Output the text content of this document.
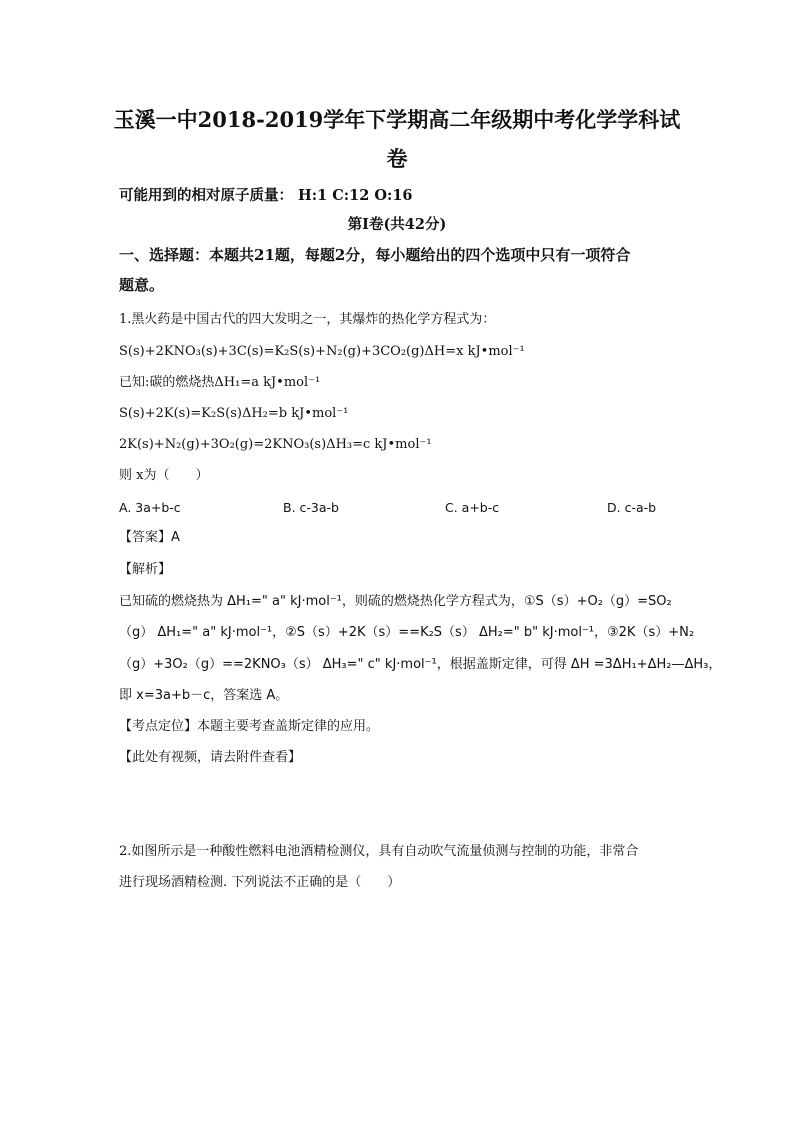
玉溪一中2018-2019学年下学期高二年级期中考化学学科试
卷
可能用到的相对原子质量： H:1 C:12 O:16
第Ⅰ卷(共42分)
一、选择题：本题共21题，每题2分，每小题给出的四个选项中只有一项符合
题意。
1.黑火药是中国古代的四大发明之一，其爆炸的热化学方程式为：
S(s)+2KNO₃(s)+3C(s)=K₂S(s)+N₂(g)+3CO₂(g)ΔH=x kJ•mol⁻¹
已知:碳的燃烧热ΔH₁=a kJ•mol⁻¹
S(s)+2K(s)=K₂S(s)ΔH₂=b kJ•mol⁻¹
2K(s)+N₂(g)+3O₂(g)=2KNO₃(s)ΔH₃=c kJ•mol⁻¹
则 x为（　　）
A. 3a+b-c	B. c-3a-b	C. a+b-c	D. c-a-b
【答案】A
【解析】
已知硫的燃烧热为 ΔH₁=" a" kJ·mol⁻¹，则硫的燃烧热化学方程式为，①S（s）+O₂（g）=SO₂
（g） ΔH₁=" a" kJ·mol⁻¹，②S（s）+2K（s）==K₂S（s） ΔH₂=" b" kJ·mol⁻¹，③2K（s）+N₂
（g）+3O₂（g）==2KNO₃（s） ΔH₃=" c" kJ·mol⁻¹，根据盖斯定律，可得 ΔH =3ΔH₁+ΔH₂—ΔH₃，
即 x=3a+b－c，答案选 A。
【考点定位】本题主要考查盖斯定律的应用。
【此处有视频，请去附件查看】
2.如图所示是一种酸性燃料电池酒精检测仪，具有自动吹气流量侦测与控制的功能，非常合
进行现场酒精检测. 下列说法不正确的是（　　）
